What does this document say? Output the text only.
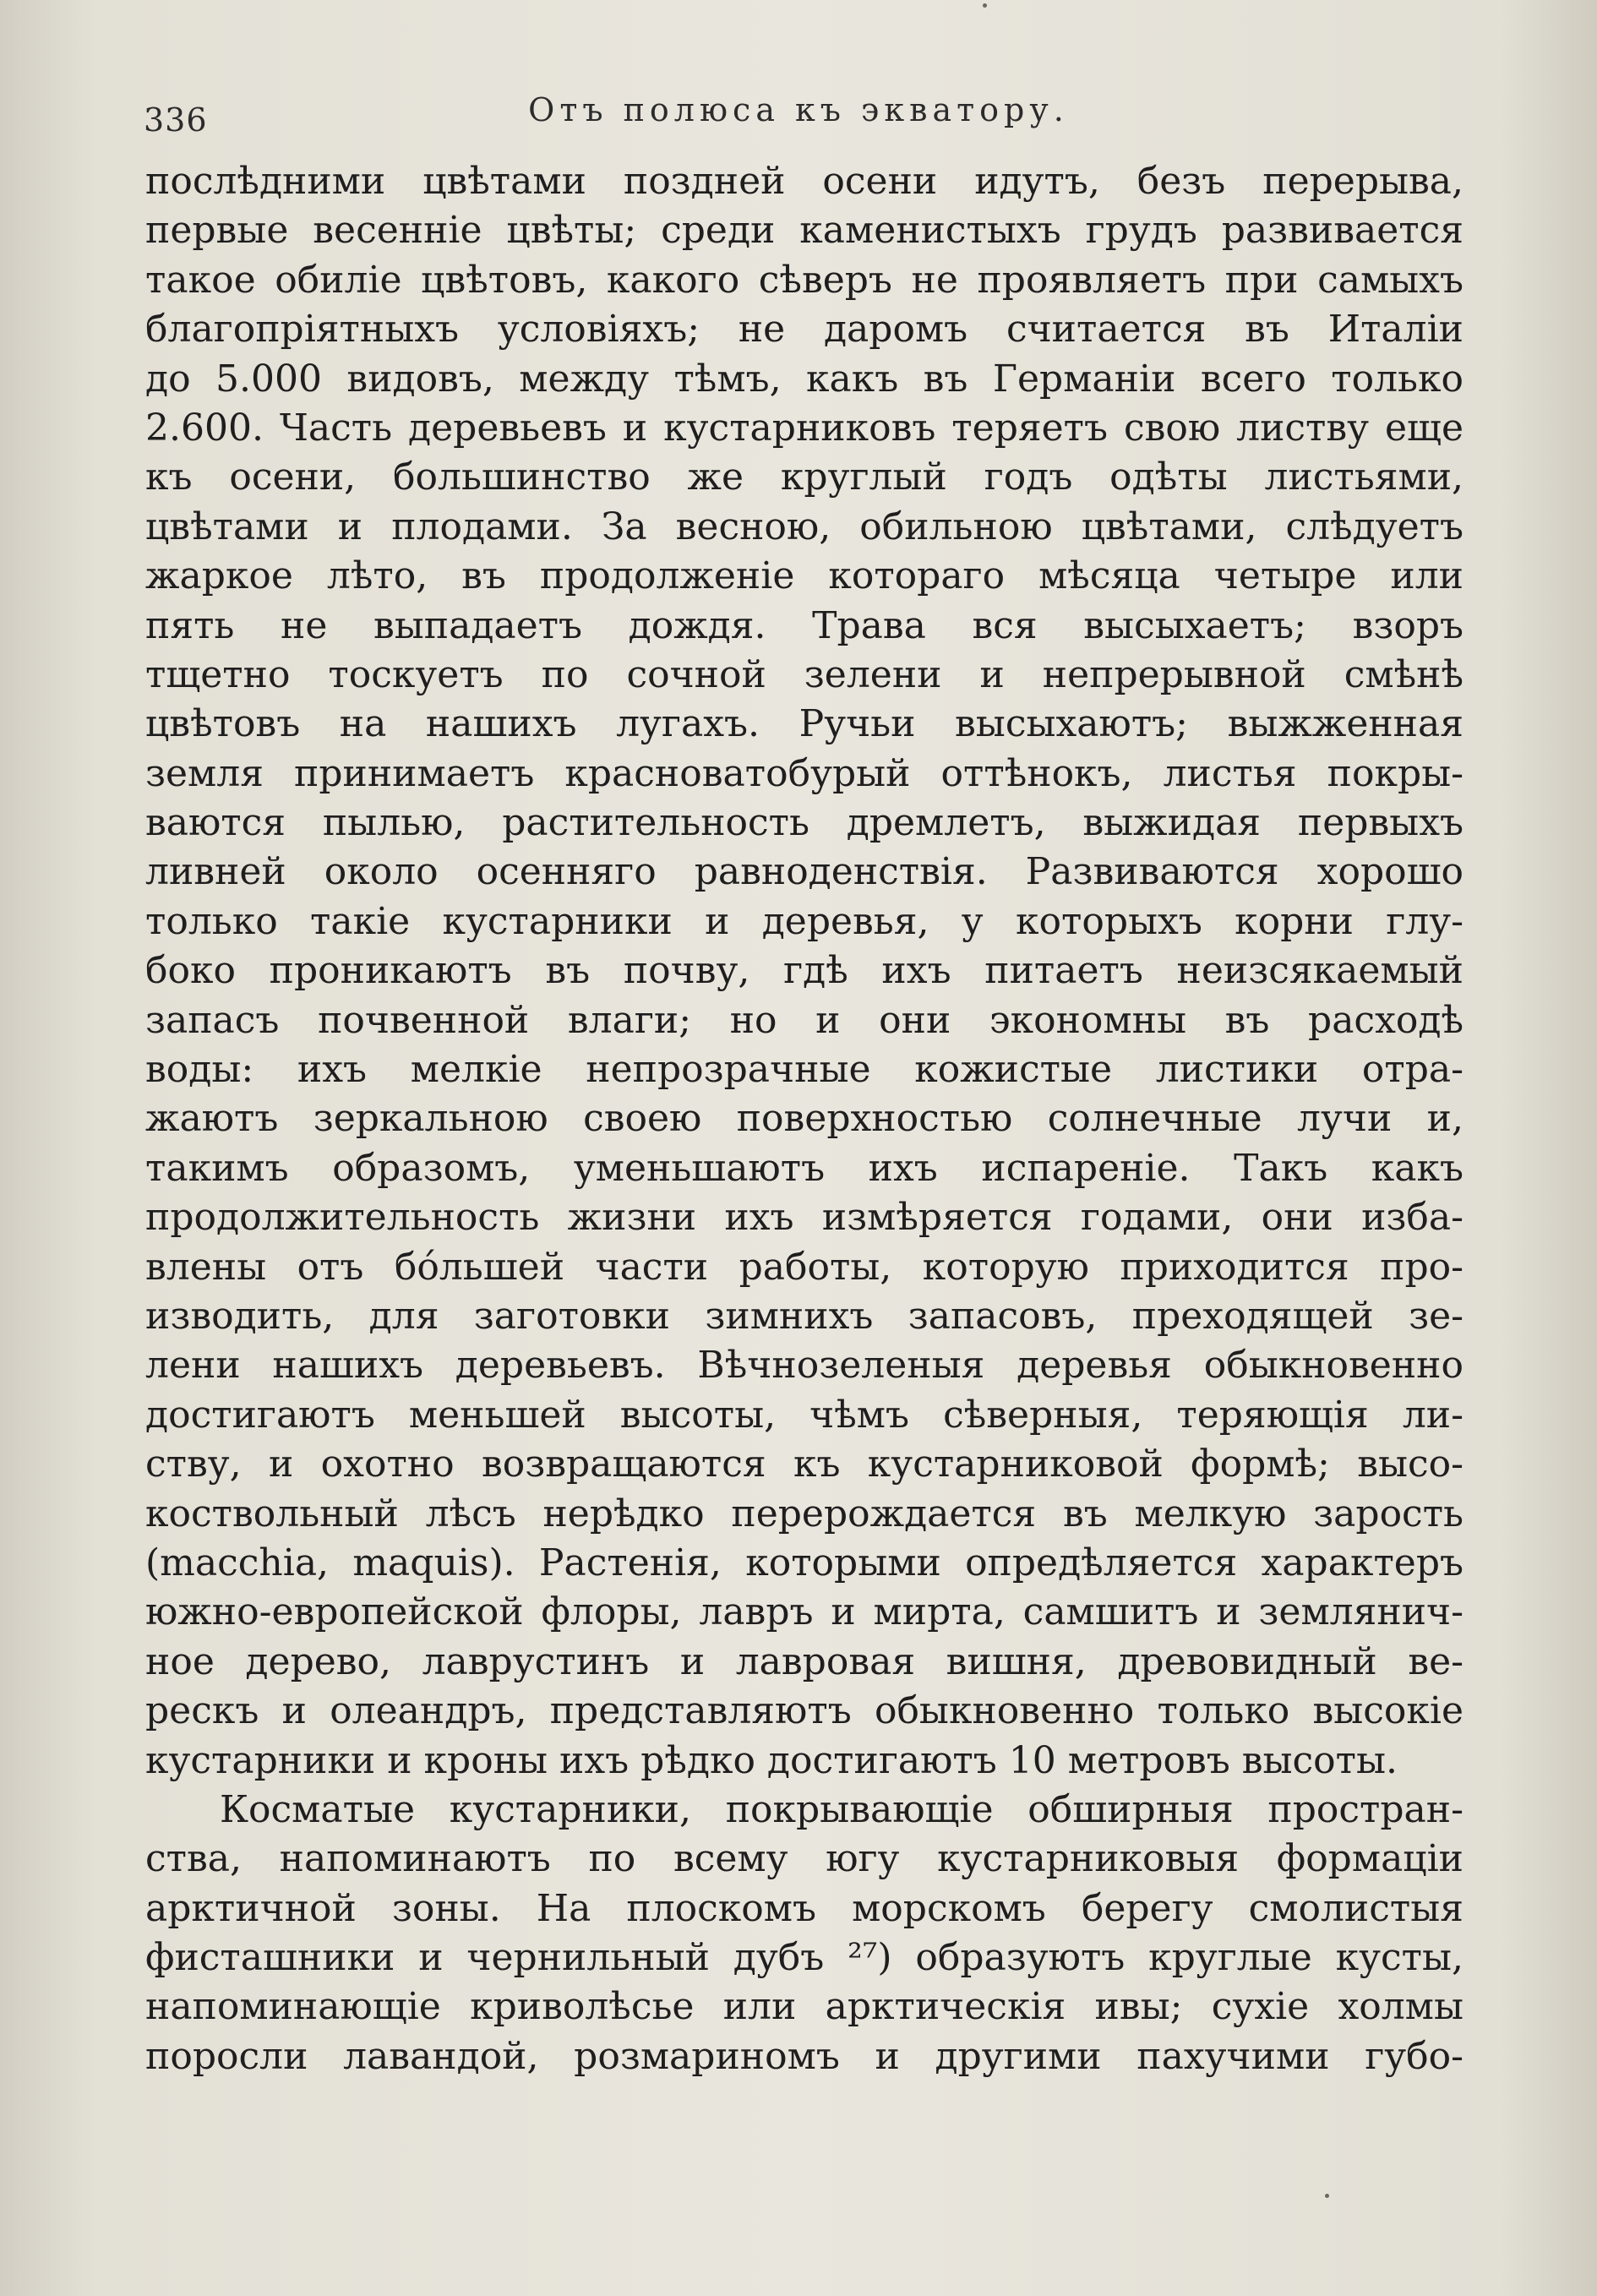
336	Отъ полюса къ экватору.
послѣдними цвѣтами поздней осени идутъ, безъ перерыва,
первые весенніе цвѣты; среди каменистыхъ грудъ развивается
такое обиліе цвѣтовъ, какого сѣверъ не проявляетъ при самыхъ
благопріятныхъ условіяхъ; не даромъ считается въ Италіи
до 5.000 видовъ, между тѣмъ, какъ въ Германіи всего только
2.600. Часть деревьевъ и кустарниковъ теряетъ свою листву еще
къ осени, большинство же круглый годъ одѣты листьями,
цвѣтами и плодами. За весною, обильною цвѣтами, слѣдуетъ
жаркое лѣто, въ продолженіе котораго мѣсяца четыре или
пять не выпадаетъ дождя. Трава вся высыхаетъ; взоръ
тщетно тоскуетъ по сочной зелени и непрерывной смѣнѣ
цвѣтовъ на нашихъ лугахъ. Ручьи высыхаютъ; выжженная
земля принимаетъ красноватобурый оттѣнокъ, листья покры-
ваются пылью, растительность дремлетъ, выжидая первыхъ
ливней около осенняго равноденствія. Развиваются хорошо
только такіе кустарники и деревья, у которыхъ корни глу-
боко проникаютъ въ почву, гдѣ ихъ питаетъ неизсякаемый
запасъ почвенной влаги; но и они экономны въ расходѣ
воды: ихъ мелкіе непрозрачные кожистые листики отра-
жаютъ зеркальною своею поверхностью солнечные лучи и,
такимъ образомъ, уменьшаютъ ихъ испареніе. Такъ какъ
продолжительность жизни ихъ измѣряется годами, они изба-
влены отъ бóльшей части работы, которую приходится про-
изводить, для заготовки зимнихъ запасовъ, преходящей зе-
лени нашихъ деревьевъ. Вѣчнозеленыя деревья обыкновенно
достигаютъ меньшей высоты, чѣмъ сѣверныя, теряющія ли-
ству, и охотно возвращаются къ кустарниковой формѣ; высо-
коствольный лѣсъ нерѣдко перерождается въ мелкую зарость
(macchia, maquis). Растенія, которыми опредѣляется характеръ
южно-европейской флоры, лавръ и мирта, самшитъ и землянич-
ное дерево, лаврустинъ и лавровая вишня, древовидный ве-
рескъ и олеандръ, представляютъ обыкновенно только высокіе
кустарники и кроны ихъ рѣдко достигаютъ 10 метровъ высоты.
Косматые кустарники, покрывающіе обширныя простран-
ства, напоминаютъ по всему югу кустарниковыя формаціи
арктичной зоны. На плоскомъ морскомъ берегу смолистыя
фисташники и чернильный дубъ ²⁷) образуютъ круглые кусты,
напоминающіе криволѣсье или арктическія ивы; сухіе холмы
поросли лавандой, розмариномъ и другими пахучими губо-
